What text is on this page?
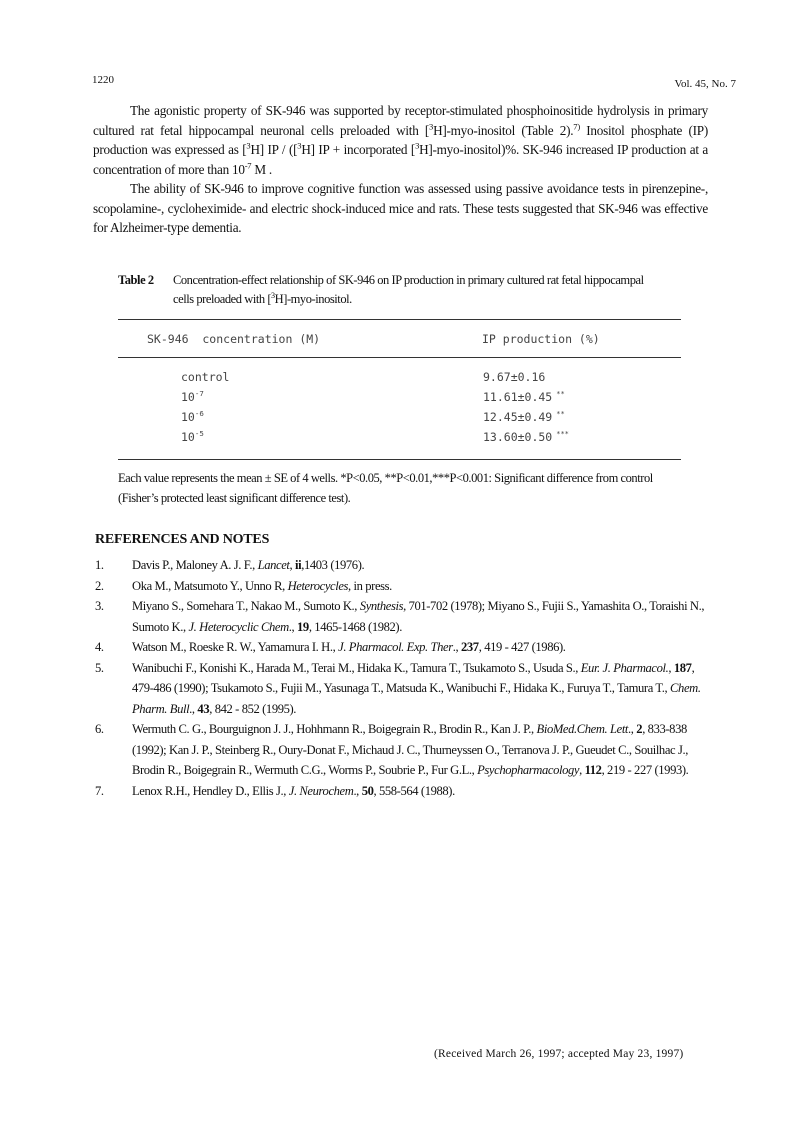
1220	Vol. 45, No. 7

The agonistic property of SK-946 was supported by receptor-stimulated phosphoinositide hydrolysis in primary cultured rat fetal hippocampal neuronal cells preloaded with [$^3$H]-myo-inositol (Table 2).$^{7)}$ Inositol phosphate (IP) production was expressed as [$^3$H] IP / ([$^3$H] IP + incorporated [$^3$H]-myo-inositol)%. SK-946 increased IP production at a concentration of more than $10^{-7}$ M .

The ability of SK-946 to improve cognitive function was assessed using passive avoidance tests in pirenzepine-, scopolamine-, cycloheximide- and electric shock-induced mice and rats. These tests suggested that SK-946 was effective for Alzheimer-type dementia.

Table 2 Concentration-effect relationship of SK-946 on IP production in primary cultured rat fetal hippocampal
cells preloaded with [$^3$H]-myo-inositol.
SK-946  concentration (M)	IP production (%)
control	9.67±0.16
$10^{-7}$	11.61±0.45 **
$10^{-6}$	12.45±0.49 **
$10^{-5}$	13.60±0.50 ***
Each value represents the mean ± SE of 4 wells. *P<0.05, **P<0.01,***P<0.001: Significant difference from control (Fisher’s protected least significant difference test).
REFERENCES AND NOTES
1.	Davis P., Maloney A. J. F., Lancet, ii,1403 (1976).
2.	Oka M., Matsumoto Y., Unno R, Heterocycles, in press.
3.	Miyano S., Somehara T., Nakao M., Sumoto K., Synthesis, 701-702 (1978); Miyano S., Fujii S., Yamashita O., Toraishi N., Sumoto K., J. Heterocyclic Chem., 19, 1465-1468 (1982).
4.	Watson M., Roeske R. W., Yamamura I. H., J. Pharmacol. Exp. Ther., 237, 419 - 427 (1986).
5.	Wanibuchi F., Konishi K., Harada M., Terai M., Hidaka K., Tamura T., Tsukamoto S., Usuda S., Eur. J. Pharmacol., 187, 479-486 (1990); Tsukamoto S., Fujii M., Yasunaga T., Matsuda K., Wanibuchi F., Hidaka K., Furuya T., Tamura T., Chem. Pharm. Bull., 43, 842 - 852 (1995).
6.	Wermuth C. G., Bourguignon J. J., Hohhmann R., Boigegrain R., Brodin R., Kan J. P., BioMed.Chem. Lett., 2, 833-838 (1992); Kan J. P., Steinberg R., Oury-Donat F., Michaud J. C., Thurneyssen O., Terranova J. P., Gueudet C., Souilhac J., Brodin R., Boigegrain R., Wermuth C.G., Worms P., Soubrie P., Fur G.L., Psychopharmacology, 112, 219 - 227 (1993).
7.	Lenox R.H., Hendley D., Ellis J., J. Neurochem., 50, 558-564 (1988).
(Received March 26, 1997; accepted May 23, 1997)
